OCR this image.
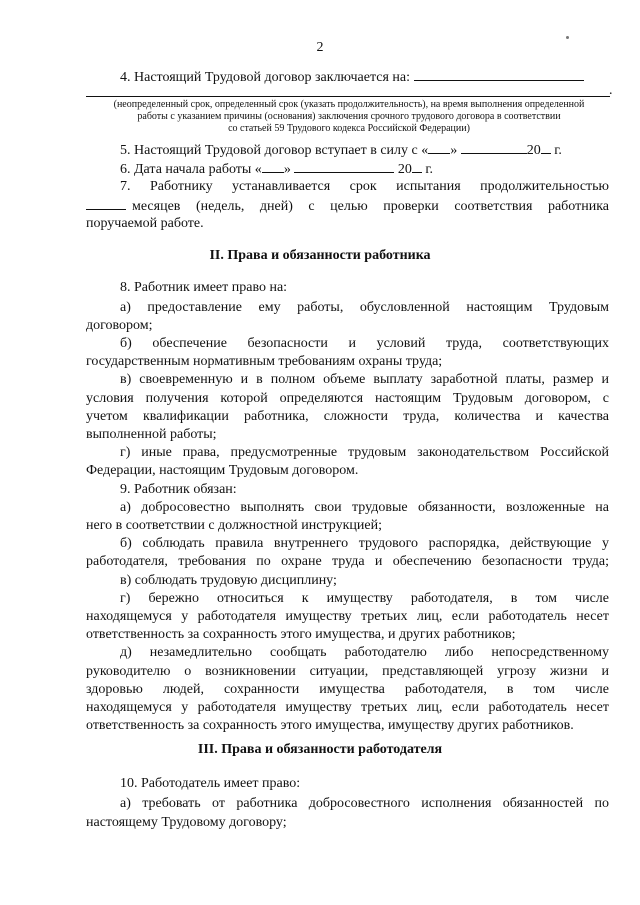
2
4. Настоящий Трудовой договор заключается на:
.
(неопределенный срок, определенный срок (указать продолжительность), на время выполнения определенной
работы с указанием причины (основания) заключения срочного трудового договора в соответствии
со статьей 59 Трудового кодекса Российской Федерации)
5. Настоящий Трудовой договор вступает в силу с « »	20 г.
6. Дата начала работы « »	20 г.
7. Работнику устанавливается срок испытания продолжительностью
месяцев (недель, дней) с целью проверки соответствия работника
поручаемой работе.
II. Права и обязанности работника
8. Работник имеет право на:
а) предоставление ему работы, обусловленной настоящим Трудовым
договором;
б) обеспечение безопасности и условий труда, соответствующих
государственным нормативным требованиям охраны труда;
в) своевременную и в полном объеме выплату заработной платы, размер и
условия получения которой определяются настоящим Трудовым договором, с
учетом квалификации работника, сложности труда, количества и качества
выполненной работы;
г) иные права, предусмотренные трудовым законодательством Российской
Федерации, настоящим Трудовым договором.
9. Работник обязан:
а) добросовестно выполнять свои трудовые обязанности, возложенные на
него в соответствии с должностной инструкцией;
б) соблюдать правила внутреннего трудового распорядка, действующие у
работодателя, требования по охране труда и обеспечению безопасности труда;
в) соблюдать трудовую дисциплину;
г) бережно относиться к имуществу работодателя, в том числе
находящемуся у работодателя имуществу третьих лиц, если работодатель несет
ответственность за сохранность этого имущества, и других работников;
д) незамедлительно сообщать работодателю либо непосредственному
руководителю о возникновении ситуации, представляющей угрозу жизни и
здоровью людей, сохранности имущества работодателя, в том числе
находящемуся у работодателя имуществу третьих лиц, если работодатель несет
ответственность за сохранность этого имущества, имуществу других работников.
III. Права и обязанности работодателя
10. Работодатель имеет право:
а) требовать от работника добросовестного исполнения обязанностей по
настоящему Трудовому договору;
